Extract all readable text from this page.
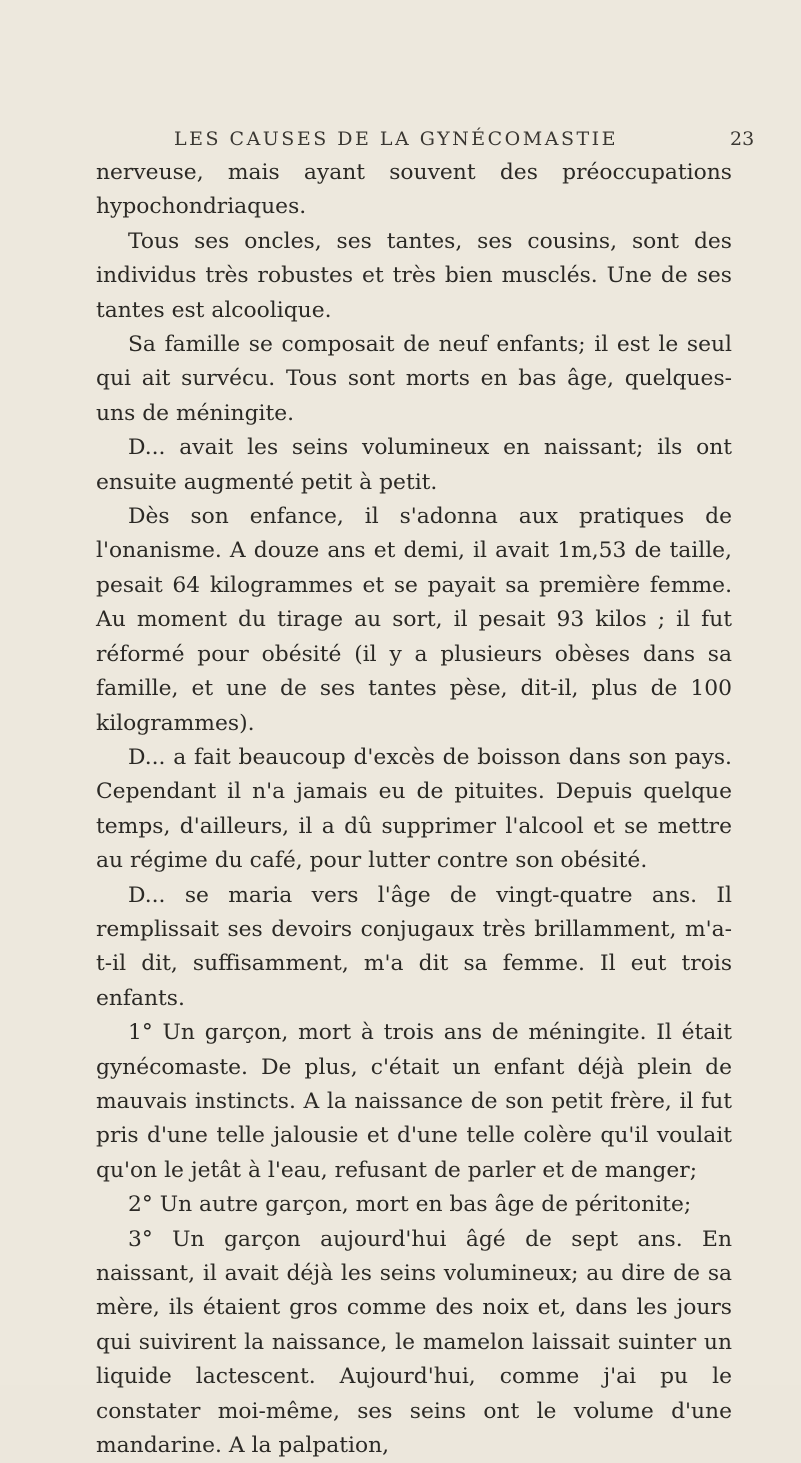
LES CAUSES DE LA GYNÉCOMASTIE	23

nerveuse, mais ayant souvent des préoccupations hypochondriaques.

Tous ses oncles, ses tantes, ses cousins, sont des individus très robustes et très bien musclés. Une de ses tantes est alcoolique.

Sa famille se composait de neuf enfants; il est le seul qui ait survécu. Tous sont morts en bas âge, quelques-uns de méningite.

D... avait les seins volumineux en naissant; ils ont ensuite augmenté petit à petit.

Dès son enfance, il s'adonna aux pratiques de l'onanisme. A douze ans et demi, il avait 1m,53 de taille, pesait 64 kilogrammes et se payait sa première femme. Au moment du tirage au sort, il pesait 93 kilos ; il fut réformé pour obésité (il y a plusieurs obèses dans sa famille, et une de ses tantes pèse, dit-il, plus de 100 kilogrammes).

D... a fait beaucoup d'excès de boisson dans son pays. Cependant il n'a jamais eu de pituites. Depuis quelque temps, d'ailleurs, il a dû supprimer l'alcool et se mettre au régime du café, pour lutter contre son obésité.

D... se maria vers l'âge de vingt-quatre ans. Il remplissait ses devoirs conjugaux très brillamment, m'a-t-il dit, suffisamment, m'a dit sa femme. Il eut trois enfants.

1° Un garçon, mort à trois ans de méningite. Il était gynécomaste. De plus, c'était un enfant déjà plein de mauvais instincts. A la naissance de son petit frère, il fut pris d'une telle jalousie et d'une telle colère qu'il voulait qu'on le jetât à l'eau, refusant de parler et de manger;

2° Un autre garçon, mort en bas âge de péritonite;

3° Un garçon aujourd'hui âgé de sept ans. En naissant, il avait déjà les seins volumineux; au dire de sa mère, ils étaient gros comme des noix et, dans les jours qui suivirent la naissance, le mamelon laissait suinter un liquide lactescent. Aujourd'hui, comme j'ai pu le constater moi-même, ses seins ont le volume d'une mandarine. A la palpation,
